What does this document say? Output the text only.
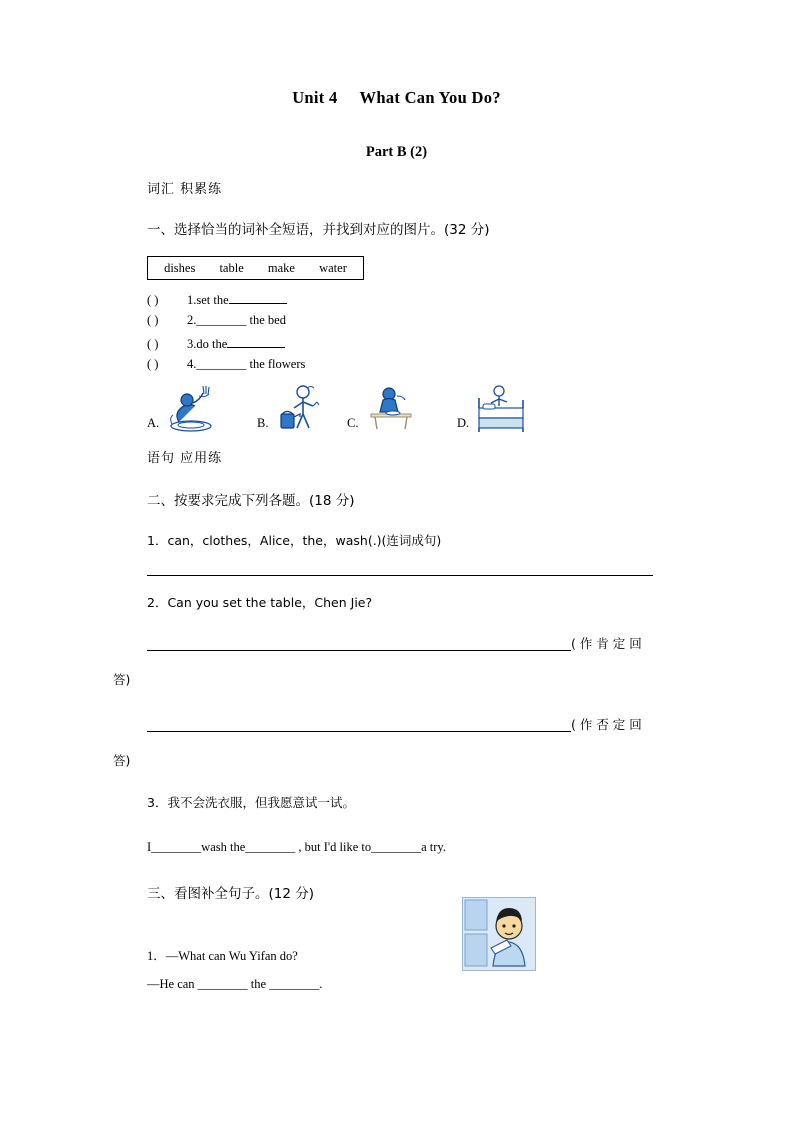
Unit 4 What Can You Do?
Part B (2)
词汇 积累练
一、选择恰当的词补全短语，并找到对应的图片。(32 分)
dishes table make water
( ) 1.set the
( ) 2.________ the bed
( ) 3.do the
( ) 4.________ the flowers
A.	B.	C.	D.
语句 应用练
二、按要求完成下列各题。(18 分)
1．can，clothes，Alice，the，wash(.)(连词成句)
2．Can you set the table，Chen Jie?
( 作 肯 定 回
答)
( 作 否 定 回
答)
3．我不会洗衣服，但我愿意试一试。
I________wash the________ , but I'd like to________a try.
三、看图补全句子。(12 分)
1．—What can Wu Yifan do?
—He can ________ the ________.
